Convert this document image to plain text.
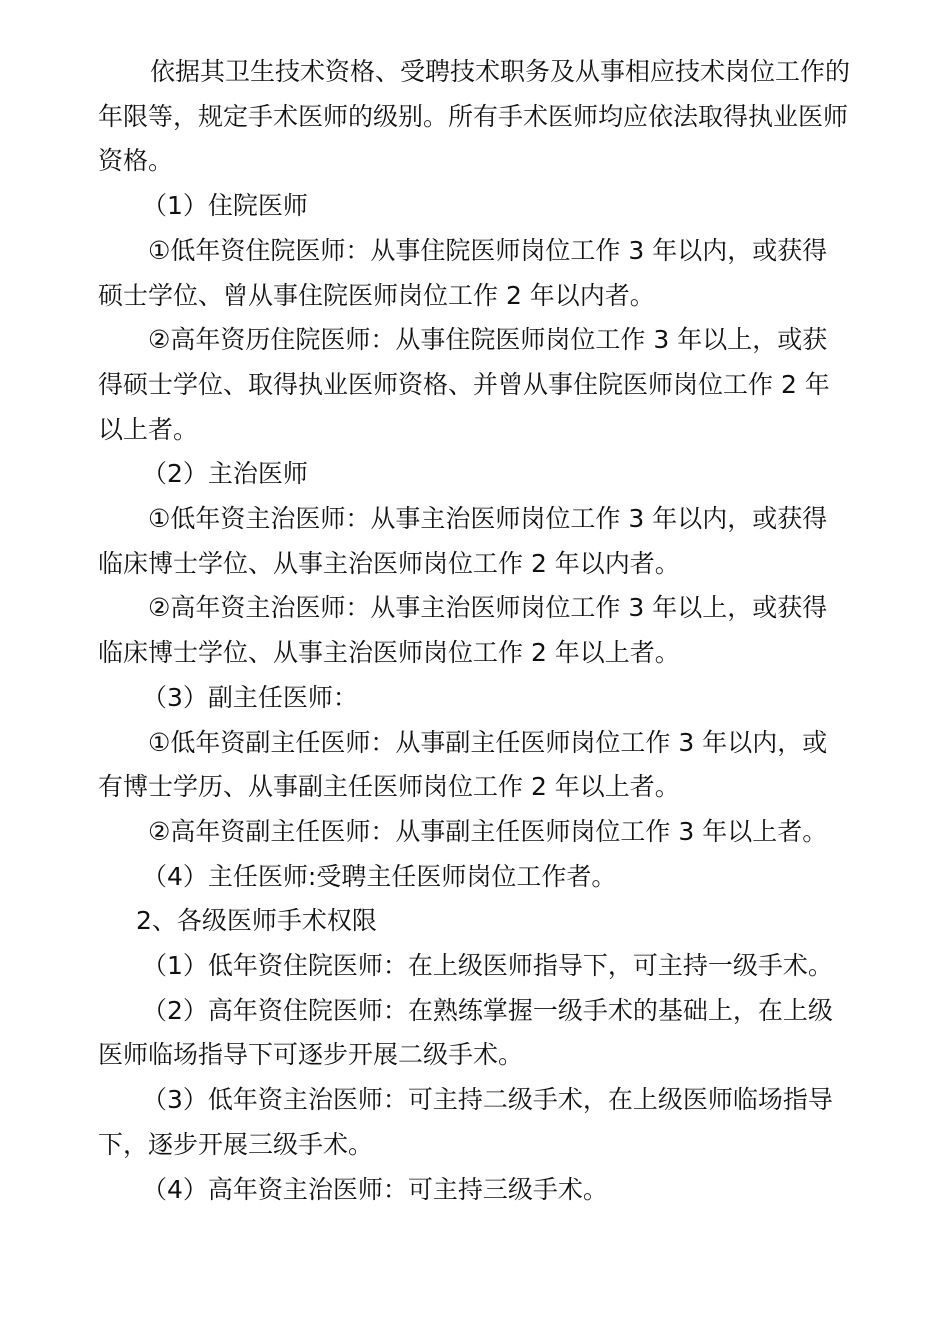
依据其卫生技术资格、受聘技术职务及从事相应技术岗位工作的年限等，规定手术医师的级别。所有手术医师均应依法取得执业医师资格。

（1）住院医师

①低年资住院医师：从事住院医师岗位工作 3 年以内，或获得硕士学位、曾从事住院医师岗位工作 2 年以内者。

②高年资历住院医师：从事住院医师岗位工作 3 年以上，或获得硕士学位、取得执业医师资格、并曾从事住院医师岗位工作 2 年以上者。

（2）主治医师

①低年资主治医师：从事主治医师岗位工作 3 年以内，或获得临床博士学位、从事主治医师岗位工作 2 年以内者。

②高年资主治医师：从事主治医师岗位工作 3 年以上，或获得临床博士学位、从事主治医师岗位工作 2 年以上者。

（3）副主任医师：

①低年资副主任医师：从事副主任医师岗位工作 3 年以内，或有博士学历、从事副主任医师岗位工作 2 年以上者。

②高年资副主任医师：从事副主任医师岗位工作 3 年以上者。

（4）主任医师:受聘主任医师岗位工作者。

2、各级医师手术权限

（1）低年资住院医师：在上级医师指导下，可主持一级手术。

（2）高年资住院医师：在熟练掌握一级手术的基础上，在上级医师临场指导下可逐步开展二级手术。

（3）低年资主治医师：可主持二级手术，在上级医师临场指导下，逐步开展三级手术。

（4）高年资主治医师：可主持三级手术。
